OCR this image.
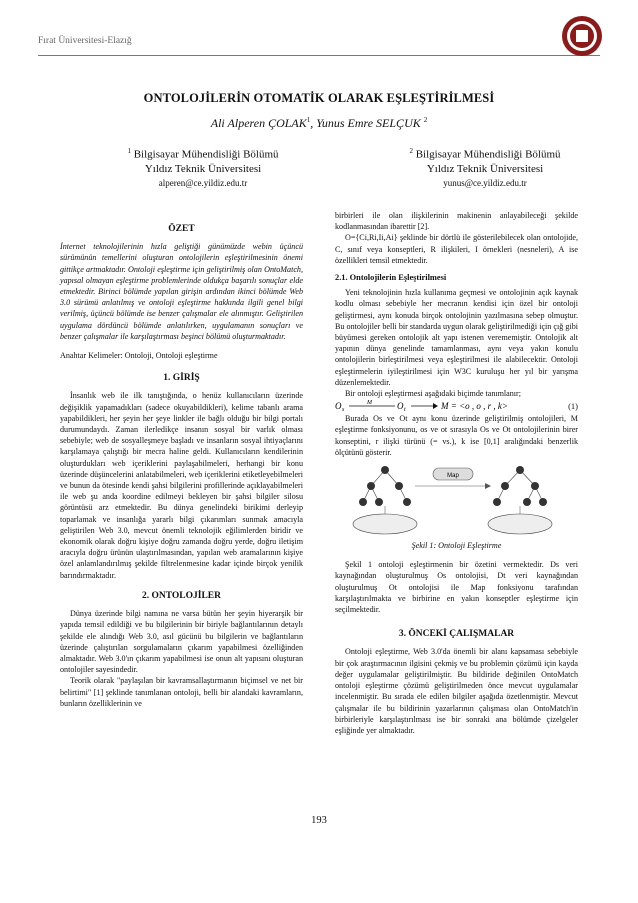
Fırat Üniversitesi-Elazığ
ONTOLOJİLERİN OTOMATİK OLARAK EŞLEŞTİRİLMESİ
Ali Alperen ÇOLAK$^1$, Yunus Emre SELÇUK $^2$
$^1$ Bilgisayar Mühendisliği Bölümü
Yıldız Teknik Üniversitesi
alperen@ce.yildiz.edu.tr
$^2$ Bilgisayar Mühendisliği Bölümü
Yıldız Teknik Üniversitesi
yunus@ce.yildiz.edu.tr

ÖZET

İnternet teknolojilerinin hızla geliştiği günümüzde webin üçüncü sürümünün temellerini oluşturan ontolojilerin eşleştirilmesinin önemi gittikçe artmaktadır. Ontoloji eşleştirme için geliştirilmiş olan OntoMatch, yapısal olmayan eşleştirme problemlerinde oldukça başarılı sonuçlar elde etmektedir. Birinci bölümde yapılan girişin ardından ikinci bölümde Web 3.0 sürümü anlatılmış ve ontoloji eşleştirme hakkında ilgili genel bilgi verilmiş, üçüncü bölümde ise benzer çalışmalar ele alınmıştır. Geliştirilen uygulama dördüncü bölümde anlatılırken, uygulamanın sonuçları ve benzer çalışmalar ile karşılaştırması beşinci bölümü oluşturmaktadır.

Anahtar Kelimeler: Ontoloji, Ontoloji eşleştirme

1. GİRİŞ

İnsanlık web ile ilk tanıştığında, o henüz kullanıcıların üzerinde değişiklik yapamadıkları (sadece okuyabildikleri), kelime tabanlı arama yapabildikleri, her şeyin her şeye linkler ile bağlı olduğu bir bilgi portalı durumundaydı. Zaman ilerledikçe insanın sosyal bir varlık olması sebebiyle; web de sosyalleşmeye başladı ve insanların sosyal ihtiyaçlarını karşılamaya çalıştığı bir mecra haline geldi. Kullanıcıların kendilerinin oluşturdukları web içeriklerini paylaşabilmeleri, herhangi bir konu üzerinde düşüncelerini anlatabilmeleri, web içeriklerini etiketleyebilmeleri ve bunun da ötesinde kendi şahsi bilgilerini profillerinde açıklayabilmeleri ile web şu anda koordine edilmeyi bekleyen bir şahsi bilgiler silosu görüntüsü arz etmektedir. Bu dünya genelindeki birikimi derleyip toparlamak ve insanlığa yararlı bilgi çıkarımları sunmak amacıyla geliştirilen Web 3.0, mevcut önemli teknolojik eğilimlerden biridir ve ekonomik olarak doğru kişiye doğru zamanda doğru yerde, doğru iletişim aracıyla doğru ürünün ulaştırılmasından, yapılan web aramalarının kişiye özel anlamlandırılmış şekilde filtrelenmesine kadar içinde birçok yenilik barındırmaktadır.

2. ONTOLOJİLER

Dünya üzerinde bilgi namına ne varsa bütün her şeyin hiyerarşik bir yapıda temsil edildiği ve bu bilgilerinin bir biriyle bağlantılarının detaylı şekilde ele alındığı Web 3.0, asıl gücünü bu bilgilerin ve bağlantıların üzerinde çalıştırılan sorgulamaların çıkarım yapabilmesi özelliğinden almaktadır. Web 3.0'ın çıkarım yapabilmesi ise onun alt yapısını oluşturan ontolojiler sayesindedir.

Teorik olarak "paylaşılan bir kavramsallaştırmanın biçimsel ve net bir belirtimi" [1] şeklinde tanımlanan ontoloji, belli bir alandaki kavramların, bunların özelliklerinin ve

birbirleri ile olan ilişkilerinin makinenin anlayabileceği şekilde kodlanmasından ibarettir [2].

O={Ci,Ri,Ii,Ai} şeklinde bir dörtlü ile gösterilebilecek olan ontolojide, C, sınıf veya konseptleri, R ilişkileri, I örnekleri (nesneleri), A ise özellikleri temsil etmektedir.

2.1. Ontolojilerin Eşleştirilmesi

Yeni teknolojinin hızla kullanıma geçmesi ve ontolojinin açık kaynak kodlu olması sebebiyle her mecranın kendisi için özel bir ontoloji geliştirmesi, aynı konuda birçok ontolojinin yazılmasına sebep olmuştur. Bu ontolojiler belli bir standarda uygun olarak geliştirilmediği için çığ gibi büyümesi gereken ontolojik alt yapı istenen verememiştir. Ontolojik alt yapının dünya genelinde tamamlanması, aynı veya yakın konulu ontolojilerin birleştirilmesi veya eşleştirilmesi ile alabilecektir. Ontoloji eşleştirmelerin iyileştirilmesi için W3C kuruluşu her yıl bir yarışma düzenlemektedir.

Bir ontoloji eşleştirmesi aşağıdaki biçimde tanımlanır;

O s
M	O t	M = <o , o , r , k>	(1)

Burada Os ve Ot aynı konu üzerinde geliştirilmiş ontolojileri, M eşleştirme fonksiyonunu, os ve ot sırasıyla Os ve Ot ontolojilerinin birer konseptini, r ilişki türünü (= vs.), k ise [0,1] aralığındaki benzerlik ölçütünü gösterir.

Map

Şekil 1: Ontoloji Eşleştirme

Şekil 1 ontoloji eşleştirmenin bir özetini vermektedir. Ds veri kaynağından oluşturulmuş Os ontolojisi, Dt veri kaynağından oluşturulmuş Ot ontolojisi ile Map fonksiyonu tarafından karşılaştırılmakta ve birbirine en yakın konseptler eşleştirme için seçilmektedir.

3. ÖNCEKİ ÇALIŞMALAR

Ontoloji eşleştirme, Web 3.0'da önemli bir alanı kapsaması sebebiyle bir çok araştırmacının ilgisini çekmiş ve bu problemin çözümü için kayda değer uygulamalar geliştirilmiştir. Bu bildiride değinilen OntoMatch ontoloji eşleştirme çözümü geliştirilmeden önce mevcut uygulamalar incelenmiştir. Bu sırada ele edilen bilgiler aşağıda özetlenmiştir. Mevcut çalışmalar ile bu bildirinin yazarlarının çalışması olan OntoMatch'in birbirleriyle karşılaştırılması ise bir sonraki ana bölümde çizelgeler eşliğinde yer almaktadır.

193
